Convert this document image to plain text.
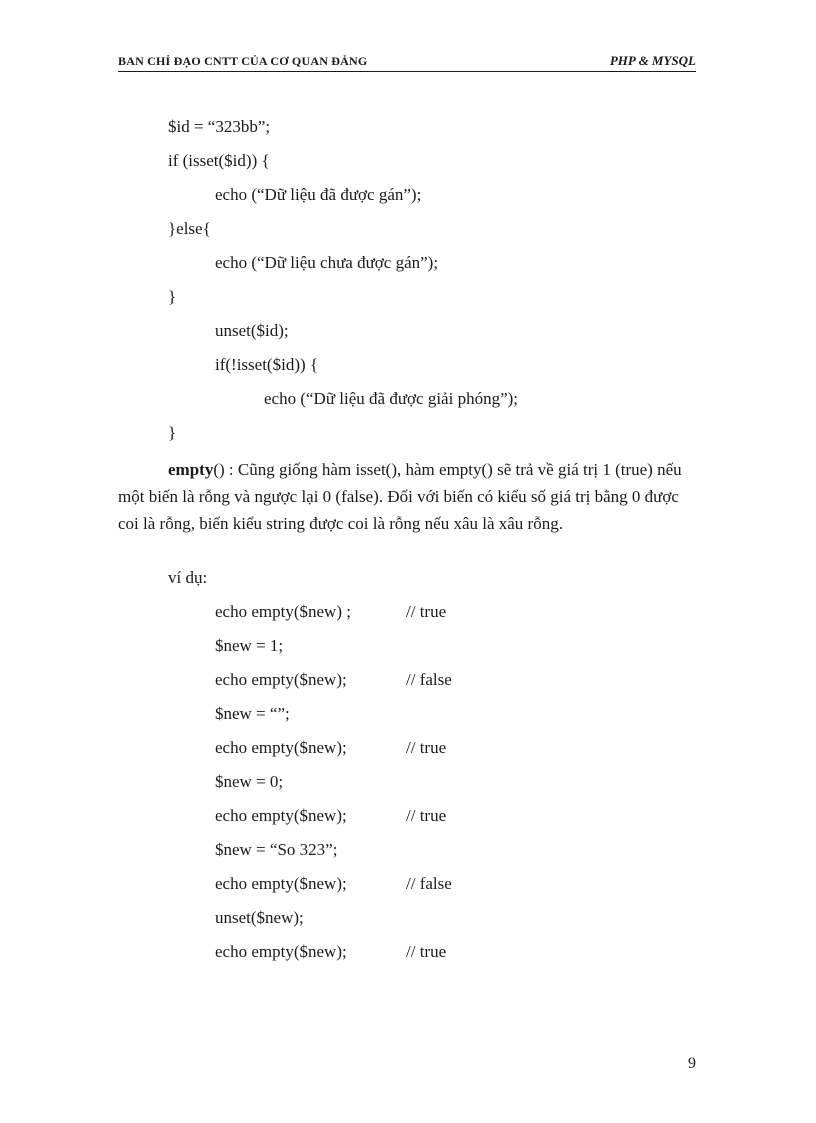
BAN CHỈ ĐẠO CNTT CỦA CƠ QUAN ĐẢNG	PHP & MYSQL
$id = “323bb”;
if (isset($id)) {
echo (“Dữ liệu đã được gán”);
}else{
echo (“Dữ liệu chưa được gán”);
}
unset($id);
if(!isset($id)) {
echo (“Dữ liệu đã được giải phóng”);
}
empty() : Cũng giống hàm isset(), hàm empty() sẽ trả về giá trị 1 (true) nếu một biến là rỗng và ngược lại 0 (false). Đối với biến có kiểu số giá trị bằng 0 được coi là rỗng, biến kiểu string được coi là rỗng nếu xâu là xâu rỗng.
ví dụ:
echo empty($new) ;	// true
$new = 1;
echo empty($new);	// false
$new = “”;
echo empty($new);	// true
$new = 0;
echo empty($new);	// true
$new = “So 323”;
echo empty($new);	// false
unset($new);
echo empty($new);	// true
9
